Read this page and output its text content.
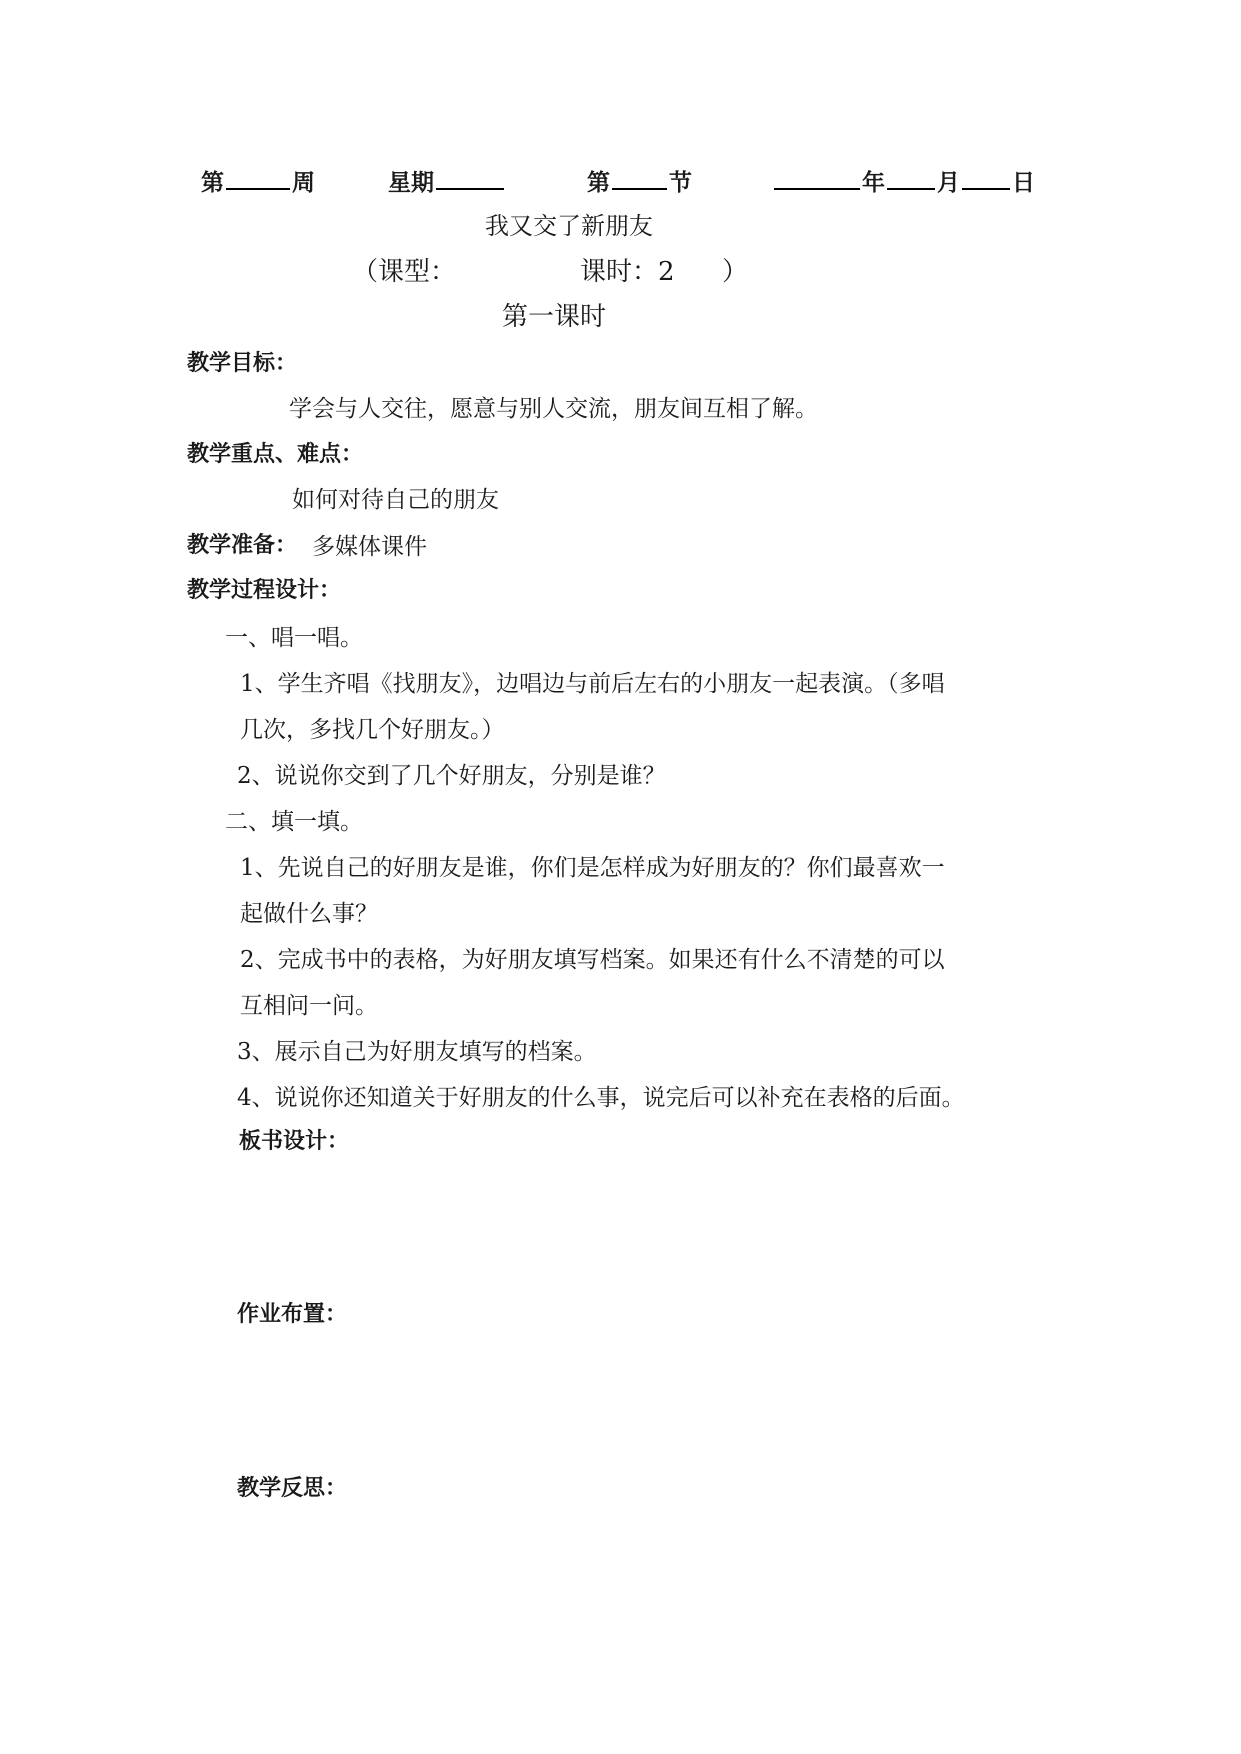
第	周	星期	第	节	年 月 日
我又交了新朋友
（课型：	课时：2 ）
第一课时
教学目标：
学会与人交往，愿意与别人交流，朋友间互相了解。
教学重点、难点：
如何对待自己的朋友
教学准备： 多媒体课件
教学过程设计：
一、唱一唱。
1、学生齐唱《找朋友》，边唱边与前后左右的小朋友一起表演。（多唱
几次，多找几个好朋友。）
2、说说你交到了几个好朋友，分别是谁？
二、填一填。
1、先说自己的好朋友是谁，你们是怎样成为好朋友的？你们最喜欢一
起做什么事？
2、完成书中的表格，为好朋友填写档案。如果还有什么不清楚的可以
互相问一问。
3、展示自己为好朋友填写的档案。
4、说说你还知道关于好朋友的什么事，说完后可以补充在表格的后面。
板书设计：
作业布置：
教学反思：
